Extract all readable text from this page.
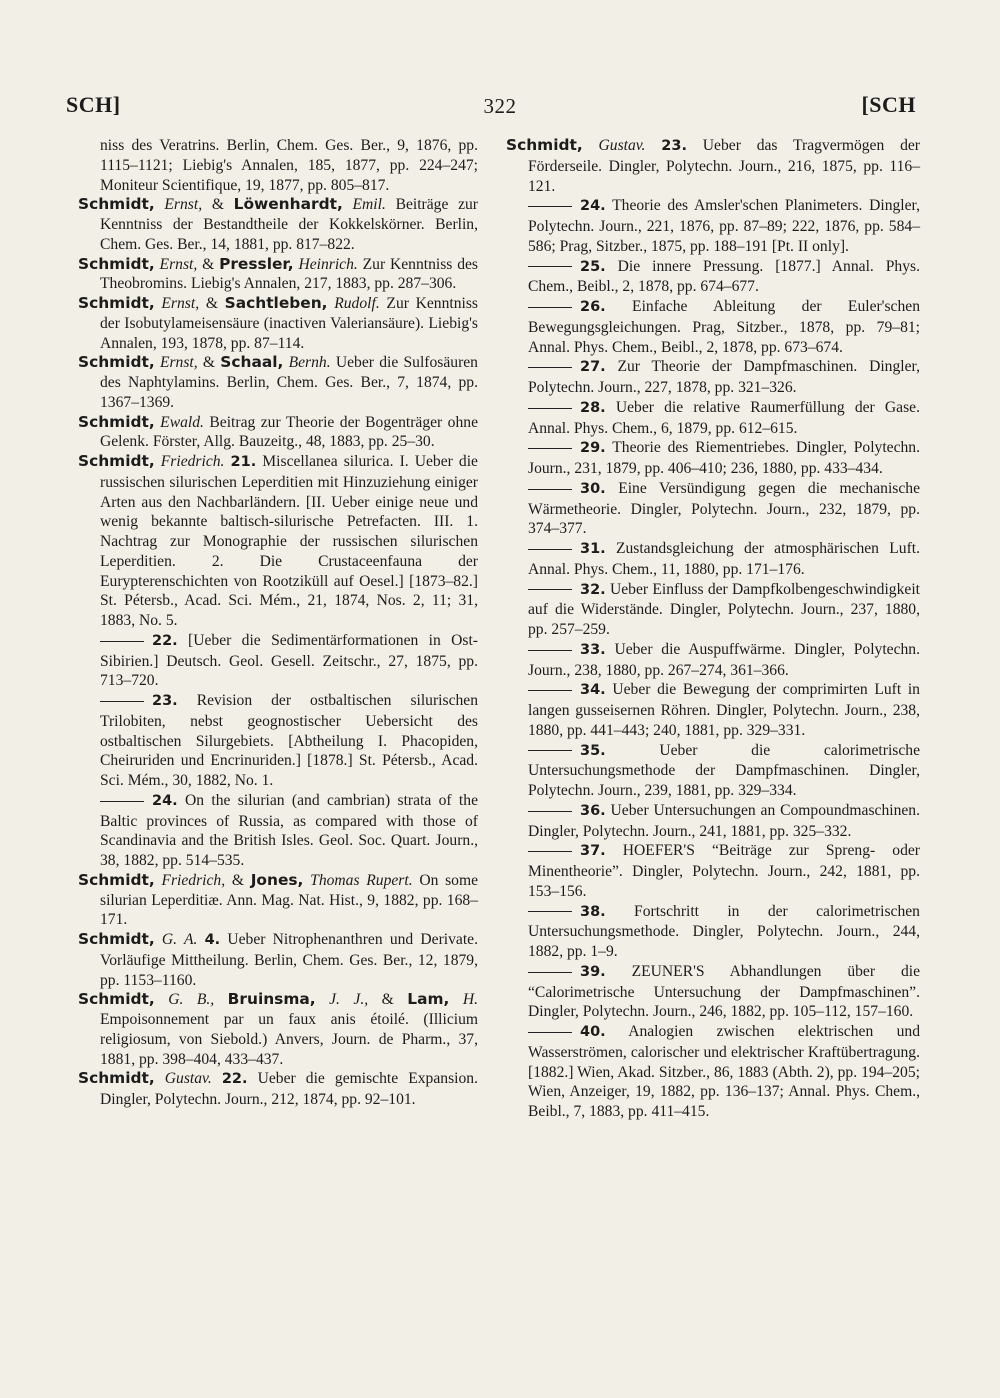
SCH]	322	[SCH

niss des Veratrins. Berlin, Chem. Ges. Ber., 9, 1876, pp. 1115–1121; Liebig's Annalen, 185, 1877, pp. 224–247; Moniteur Scientifique, 19, 1877, pp. 805–817.

Schmidt, Ernst, & Löwenhardt, Emil. Beiträge zur Kenntniss der Bestandtheile der Kokkelskörner. Berlin, Chem. Ges. Ber., 14, 1881, pp. 817–822.

Schmidt, Ernst, & Pressler, Heinrich. Zur Kenntniss des Theobromins. Liebig's Annalen, 217, 1883, pp. 287–306.

Schmidt, Ernst, & Sachtleben, Rudolf. Zur Kenntniss der Isobutylameisensäure (inactiven Valeriansäure). Liebig's Annalen, 193, 1878, pp. 87–114.

Schmidt, Ernst, & Schaal, Bernh. Ueber die Sulfosäuren des Naphtylamins. Berlin, Chem. Ges. Ber., 7, 1874, pp. 1367–1369.

Schmidt, Ewald. Beitrag zur Theorie der Bogenträger ohne Gelenk. Förster, Allg. Bauzeitg., 48, 1883, pp. 25–30.

Schmidt, Friedrich. 21. Miscellanea silurica. I. Ueber die russischen silurischen Leperditien mit Hinzuziehung einiger Arten aus den Nachbarländern. [II. Ueber einige neue und wenig bekannte baltisch-silurische Petrefacten. III. 1. Nachtrag zur Monographie der russischen silurischen Leperditien. 2. Die Crustaceenfauna der Eurypterenschichten von Rootziküll auf Oesel.] [1873–82.] St. Pétersb., Acad. Sci. Mém., 21, 1874, Nos. 2, 11; 31, 1883, No. 5.

22. [Ueber die Sedimentärformationen in Ost-Sibirien.] Deutsch. Geol. Gesell. Zeitschr., 27, 1875, pp. 713–720.

23. Revision der ostbaltischen silurischen Trilobiten, nebst geognostischer Uebersicht des ostbaltischen Silurgebiets. [Abtheilung I. Phacopiden, Cheiruriden und Encrinuriden.] [1878.] St. Pétersb., Acad. Sci. Mém., 30, 1882, No. 1.

24. On the silurian (and cambrian) strata of the Baltic provinces of Russia, as compared with those of Scandinavia and the British Isles. Geol. Soc. Quart. Journ., 38, 1882, pp. 514–535.

Schmidt, Friedrich, & Jones, Thomas Rupert. On some silurian Leperditiæ. Ann. Mag. Nat. Hist., 9, 1882, pp. 168–171.

Schmidt, G. A. 4. Ueber Nitrophenanthren und Derivate. Vorläufige Mittheilung. Berlin, Chem. Ges. Ber., 12, 1879, pp. 1153–1160.

Schmidt, G. B., Bruinsma, J. J., & Lam, H. Empoisonnement par un faux anis étoilé. (Illicium religiosum, von Siebold.) Anvers, Journ. de Pharm., 37, 1881, pp. 398–404, 433–437.

Schmidt, Gustav. 22. Ueber die gemischte Expansion. Dingler, Polytechn. Journ., 212, 1874, pp. 92–101.

Schmidt, Gustav. 23. Ueber das Tragvermögen der Förderseile. Dingler, Polytechn. Journ., 216, 1875, pp. 116–121.

24. Theorie des Amsler'schen Planimeters. Dingler, Polytechn. Journ., 221, 1876, pp. 87–89; 222, 1876, pp. 584–586; Prag, Sitzber., 1875, pp. 188–191 [Pt. II only].

25. Die innere Pressung. [1877.] Annal. Phys. Chem., Beibl., 2, 1878, pp. 674–677.

26. Einfache Ableitung der Euler'schen Bewegungsgleichungen. Prag, Sitzber., 1878, pp. 79–81; Annal. Phys. Chem., Beibl., 2, 1878, pp. 673–674.

27. Zur Theorie der Dampfmaschinen. Dingler, Polytechn. Journ., 227, 1878, pp. 321–326.

28. Ueber die relative Raumerfüllung der Gase. Annal. Phys. Chem., 6, 1879, pp. 612–615.

29. Theorie des Riementriebes. Dingler, Polytechn. Journ., 231, 1879, pp. 406–410; 236, 1880, pp. 433–434.

30. Eine Versündigung gegen die mechanische Wärmetheorie. Dingler, Polytechn. Journ., 232, 1879, pp. 374–377.

31. Zustandsgleichung der atmosphärischen Luft. Annal. Phys. Chem., 11, 1880, pp. 171–176.

32. Ueber Einfluss der Dampfkolbengeschwindigkeit auf die Widerstände. Dingler, Polytechn. Journ., 237, 1880, pp. 257–259.

33. Ueber die Auspuffwärme. Dingler, Polytechn. Journ., 238, 1880, pp. 267–274, 361–366.

34. Ueber die Bewegung der comprimirten Luft in langen gusseisernen Röhren. Dingler, Polytechn. Journ., 238, 1880, pp. 441–443; 240, 1881, pp. 329–331.

35.	Ueber die calorimetrische Untersuchungsmethode der Dampfmaschinen. Dingler, Polytechn. Journ., 239, 1881, pp. 329–334.

36. Ueber Untersuchungen an Compoundmaschinen. Dingler, Polytechn. Journ., 241, 1881, pp. 325–332.

37. HOEFER'S “Beiträge zur Spreng- oder Minentheorie”. Dingler, Polytechn. Journ., 242, 1881, pp. 153–156.

38. Fortschritt in der calorimetrischen Untersuchungsmethode. Dingler, Polytechn. Journ., 244, 1882, pp. 1–9.

39. ZEUNER'S Abhandlungen über die “Calorimetrische Untersuchung der Dampfmaschinen”. Dingler, Polytechn. Journ., 246, 1882, pp. 105–112, 157–160.

40. Analogien zwischen elektrischen und Wasserströmen, calorischer und elektrischer Kraftübertragung. [1882.] Wien, Akad. Sitzber., 86, 1883 (Abth. 2), pp. 194–205; Wien, Anzeiger, 19, 1882, pp. 136–137; Annal. Phys. Chem., Beibl., 7, 1883, pp. 411–415.
